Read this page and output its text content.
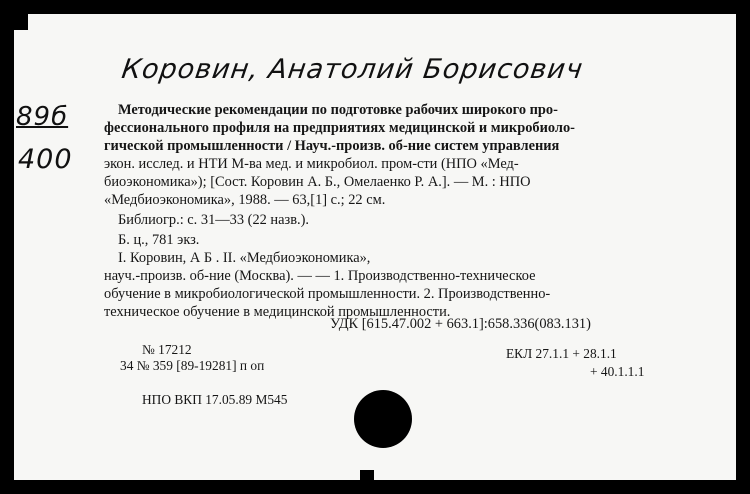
Коровин, Анатолий Борисович
89б
400
Методические рекомендации по подготовке рабочих широкого про-
фессионального профиля на предприятиях медицинской и микробиоло-
гической промышленности / Науч.-произв. об-ние систем управления
экон. исслед. и НТИ М-ва мед. и микробиол. пром-сти (НПО «Мед-
биоэкономика»); [Сост. Коровин А. Б., Омелаенко Р. А.]. — М. : НПО
«Медбиоэкономика», 1988. — 63,[1] с.; 22 см.
Библиогр.: с. 31—33 (22 назв.).
Б. ц., 781 экз.
I. Коровин, А Б . II. «Медбиоэкономика»,
науч.-произв. об-ние (Москва). — — 1. Производственно-техническое
обучение в микробиологической промышленности. 2. Производственно-
техническое обучение в медицинской промышленности.
УДК [615.47.002 + 663.1]:658.336(083.131)
№ 17212
34 № 359 [89-19281] п оп
ЕКЛ 27.1.1 + 28.1.1
+ 40.1.1.1
НПО ВКП 17.05.89 М545
